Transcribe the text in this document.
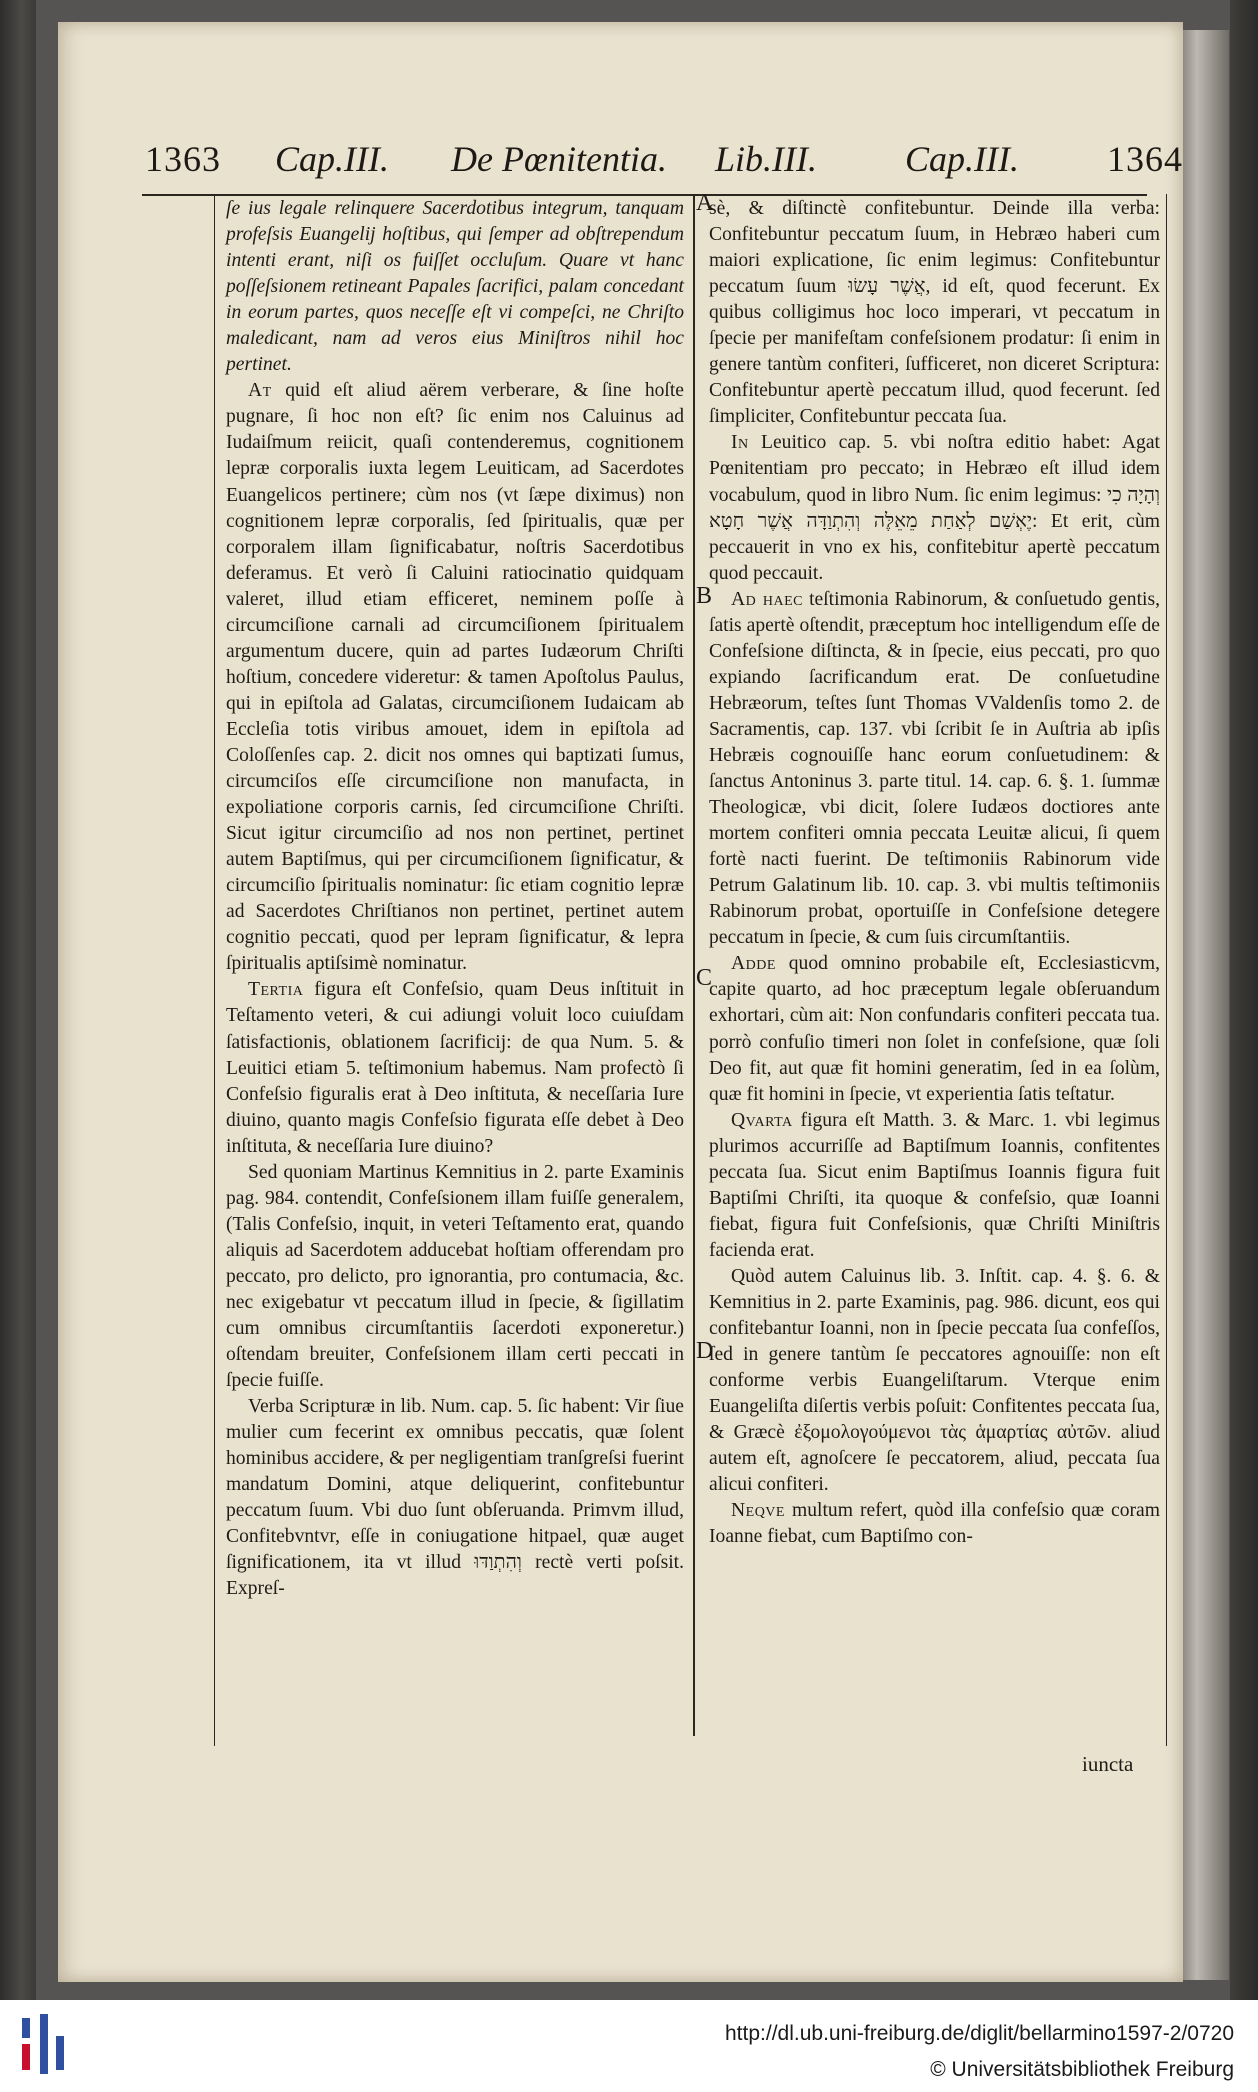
1363 Cap.III. De Pœnitentia. Lib.III. Cap.III. 1364
A
B
C
D

ſe ius legale relinquere Sacerdotibus integrum, tanquam profeſsis Euangelij hoſtibus, qui ſemper ad obſtrependum intenti erant, niſi os fuiſſet occluſum. Quare vt hanc poſſeſsionem retineant Papales ſacrifici, palam concedant in eorum partes, quos neceſſe eſt vi compeſci, ne Chriſto maledicant, nam ad veros eius Miniſtros nihil hoc pertinet.

At quid eſt aliud aërem verberare, & ſine hoſte pugnare, ſi hoc non eſt? ſic enim nos Caluinus ad Iudaiſmum reiicit, quaſi contenderemus, cognitionem lepræ corporalis iuxta legem Leuiticam, ad Sacerdotes Euangelicos pertinere; cùm nos (vt ſæpe diximus) non cognitionem lepræ corporalis, ſed ſpiritualis, quæ per corporalem illam ſignificabatur, noſtris Sacerdotibus deferamus. Et verò ſi Caluini ratiocinatio quidquam valeret, illud etiam efficeret, neminem poſſe à circumciſione carnali ad circumciſionem ſpiritualem argumentum ducere, quin ad partes Iudæorum Chriſti hoſtium, concedere videretur: & tamen Apoſtolus Paulus, qui in epiſtola ad Galatas, circumciſionem Iudaicam ab Eccleſia totis viribus amouet, idem in epiſtola ad Coloſſenſes cap. 2. dicit nos omnes qui baptizati ſumus, circumciſos eſſe circumciſione non manufacta, in expoliatione corporis carnis, ſed circumciſione Chriſti. Sicut igitur circumciſio ad nos non pertinet, pertinet autem Baptiſmus, qui per circumciſionem ſignificatur, & circumciſio ſpiritualis nominatur: ſic etiam cognitio lepræ ad Sacerdotes Chriſtianos non pertinet, pertinet autem cognitio peccati, quod per lepram ſignificatur, & lepra ſpiritualis aptiſsimè nominatur.

Tertia figura eſt Confeſsio, quam Deus inſtituit in Teſtamento veteri, & cui adiungi voluit loco cuiuſdam ſatisfactionis, oblationem ſacrificij: de qua Num. 5. & Leuitici etiam 5. teſtimonium habemus. Nam profectò ſi Confeſsio figuralis erat à Deo inſtituta, & neceſſaria Iure diuino, quanto magis Confeſsio figurata eſſe debet à Deo inſtituta, & neceſſaria Iure diuino?

Sed quoniam Martinus Kemnitius in 2. parte Examinis pag. 984. contendit, Confeſsionem illam fuiſſe generalem, (Talis Confeſsio, inquit, in veteri Teſtamento erat, quando aliquis ad Sacerdotem adducebat hoſtiam offerendam pro peccato, pro delicto, pro ignorantia, pro contumacia, &c. nec exigebatur vt peccatum illud in ſpecie, & ſigillatim cum omnibus circumſtantiis ſacerdoti exponeretur.) oſtendam breuiter, Confeſsionem illam certi peccati in ſpecie fuiſſe.

Verba Scripturæ in lib. Num. cap. 5. ſic habent: Vir ſiue mulier cum fecerint ex omnibus peccatis, quæ ſolent hominibus accidere, & per negligentiam tranſgreſsi fuerint mandatum Domini, atque deliquerint, confitebuntur peccatum ſuum. Vbi duo ſunt obſeruanda. Primvm illud, Confitebvntvr, eſſe in coniugatione hitpael, quæ auget ſignificationem, ita vt illud וְהִתְוַדּוּ rectè verti poſsit. Expreſ-

sè, & diſtinctè confitebuntur. Deinde illa verba: Confitebuntur peccatum ſuum, in Hebræo haberi cum maiori explicatione, ſic enim legimus: Confitebuntur peccatum ſuum אֲשֶׁר עָשׂוּ, id eſt, quod fecerunt. Ex quibus colligimus hoc loco imperari, vt peccatum in ſpecie per manifeſtam confeſsionem prodatur: ſi enim in genere tantùm confiteri, ſufficeret, non diceret Scriptura: Confitebuntur apertè peccatum illud, quod fecerunt. ſed ſimpliciter, Confitebuntur peccata ſua.

In Leuitico cap. 5. vbi noſtra editio habet: Agat Pœnitentiam pro peccato; in Hebræo eſt illud idem vocabulum, quod in libro Num. ſic enim legimus: וְהָיָה כִי יֶאְשַׁם לְאַחַת מֵאֵלֶּה וְהִתְוַדָּה אֲשֶׁר חָטָא: Et erit, cùm peccauerit in vno ex his, confitebitur apertè peccatum quod peccauit.

Ad haec teſtimonia Rabinorum, & conſuetudo gentis, ſatis apertè oſtendit, præceptum hoc intelligendum eſſe de Confeſsione diſtincta, & in ſpecie, eius peccati, pro quo expiando ſacrificandum erat. De conſuetudine Hebræorum, teſtes ſunt Thomas VValdenſis tomo 2. de Sacramentis, cap. 137. vbi ſcribit ſe in Auſtria ab ipſis Hebræis cognouiſſe hanc eorum conſuetudinem: & ſanctus Antoninus 3. parte titul. 14. cap. 6. §. 1. ſummæ Theologicæ, vbi dicit, ſolere Iudæos doctiores ante mortem confiteri omnia peccata Leuitæ alicui, ſi quem fortè nacti fuerint. De teſtimoniis Rabinorum vide Petrum Galatinum lib. 10. cap. 3. vbi multis teſtimoniis Rabinorum probat, oportuiſſe in Confeſsione detegere peccatum in ſpecie, & cum ſuis circumſtantiis.

Adde quod omnino probabile eſt, Ecclesiasticvm, capite quarto, ad hoc præceptum legale obſeruandum exhortari, cùm ait: Non confundaris confiteri peccata tua. porrò confuſio timeri non ſolet in confeſsione, quæ ſoli Deo fit, aut quæ fit homini generatim, ſed in ea ſolùm, quæ fit homini in ſpecie, vt experientia ſatis teſtatur.

Qvarta figura eſt Matth. 3. & Marc. 1. vbi legimus plurimos accurriſſe ad Baptiſmum Ioannis, confitentes peccata ſua. Sicut enim Baptiſmus Ioannis figura fuit Baptiſmi Chriſti, ita quoque & confeſsio, quæ Ioanni fiebat, figura fuit Confeſsionis, quæ Chriſti Miniſtris facienda erat.

Quòd autem Caluinus lib. 3. Inſtit. cap. 4. §. 6. & Kemnitius in 2. parte Examinis, pag. 986. dicunt, eos qui confitebantur Ioanni, non in ſpecie peccata ſua confeſſos, ſed in genere tantùm ſe peccatores agnouiſſe: non eſt conforme verbis Euangeliſtarum. Vterque enim Euangeliſta diſertis verbis poſuit: Confitentes peccata ſua, & Græcè ἐξομολογούμενοι τὰς ἁμαρτίας αὐτῶν. aliud autem eſt, agnoſcere ſe peccatorem, aliud, peccata ſua alicui confiteri.

Neqve multum refert, quòd illa confeſsio quæ coram Ioanne fiebat, cum Baptiſmo con-

iuncta
http://dl.ub.uni-freiburg.de/diglit/bellarmino1597-2/0720
© Universitätsbibliothek Freiburg
